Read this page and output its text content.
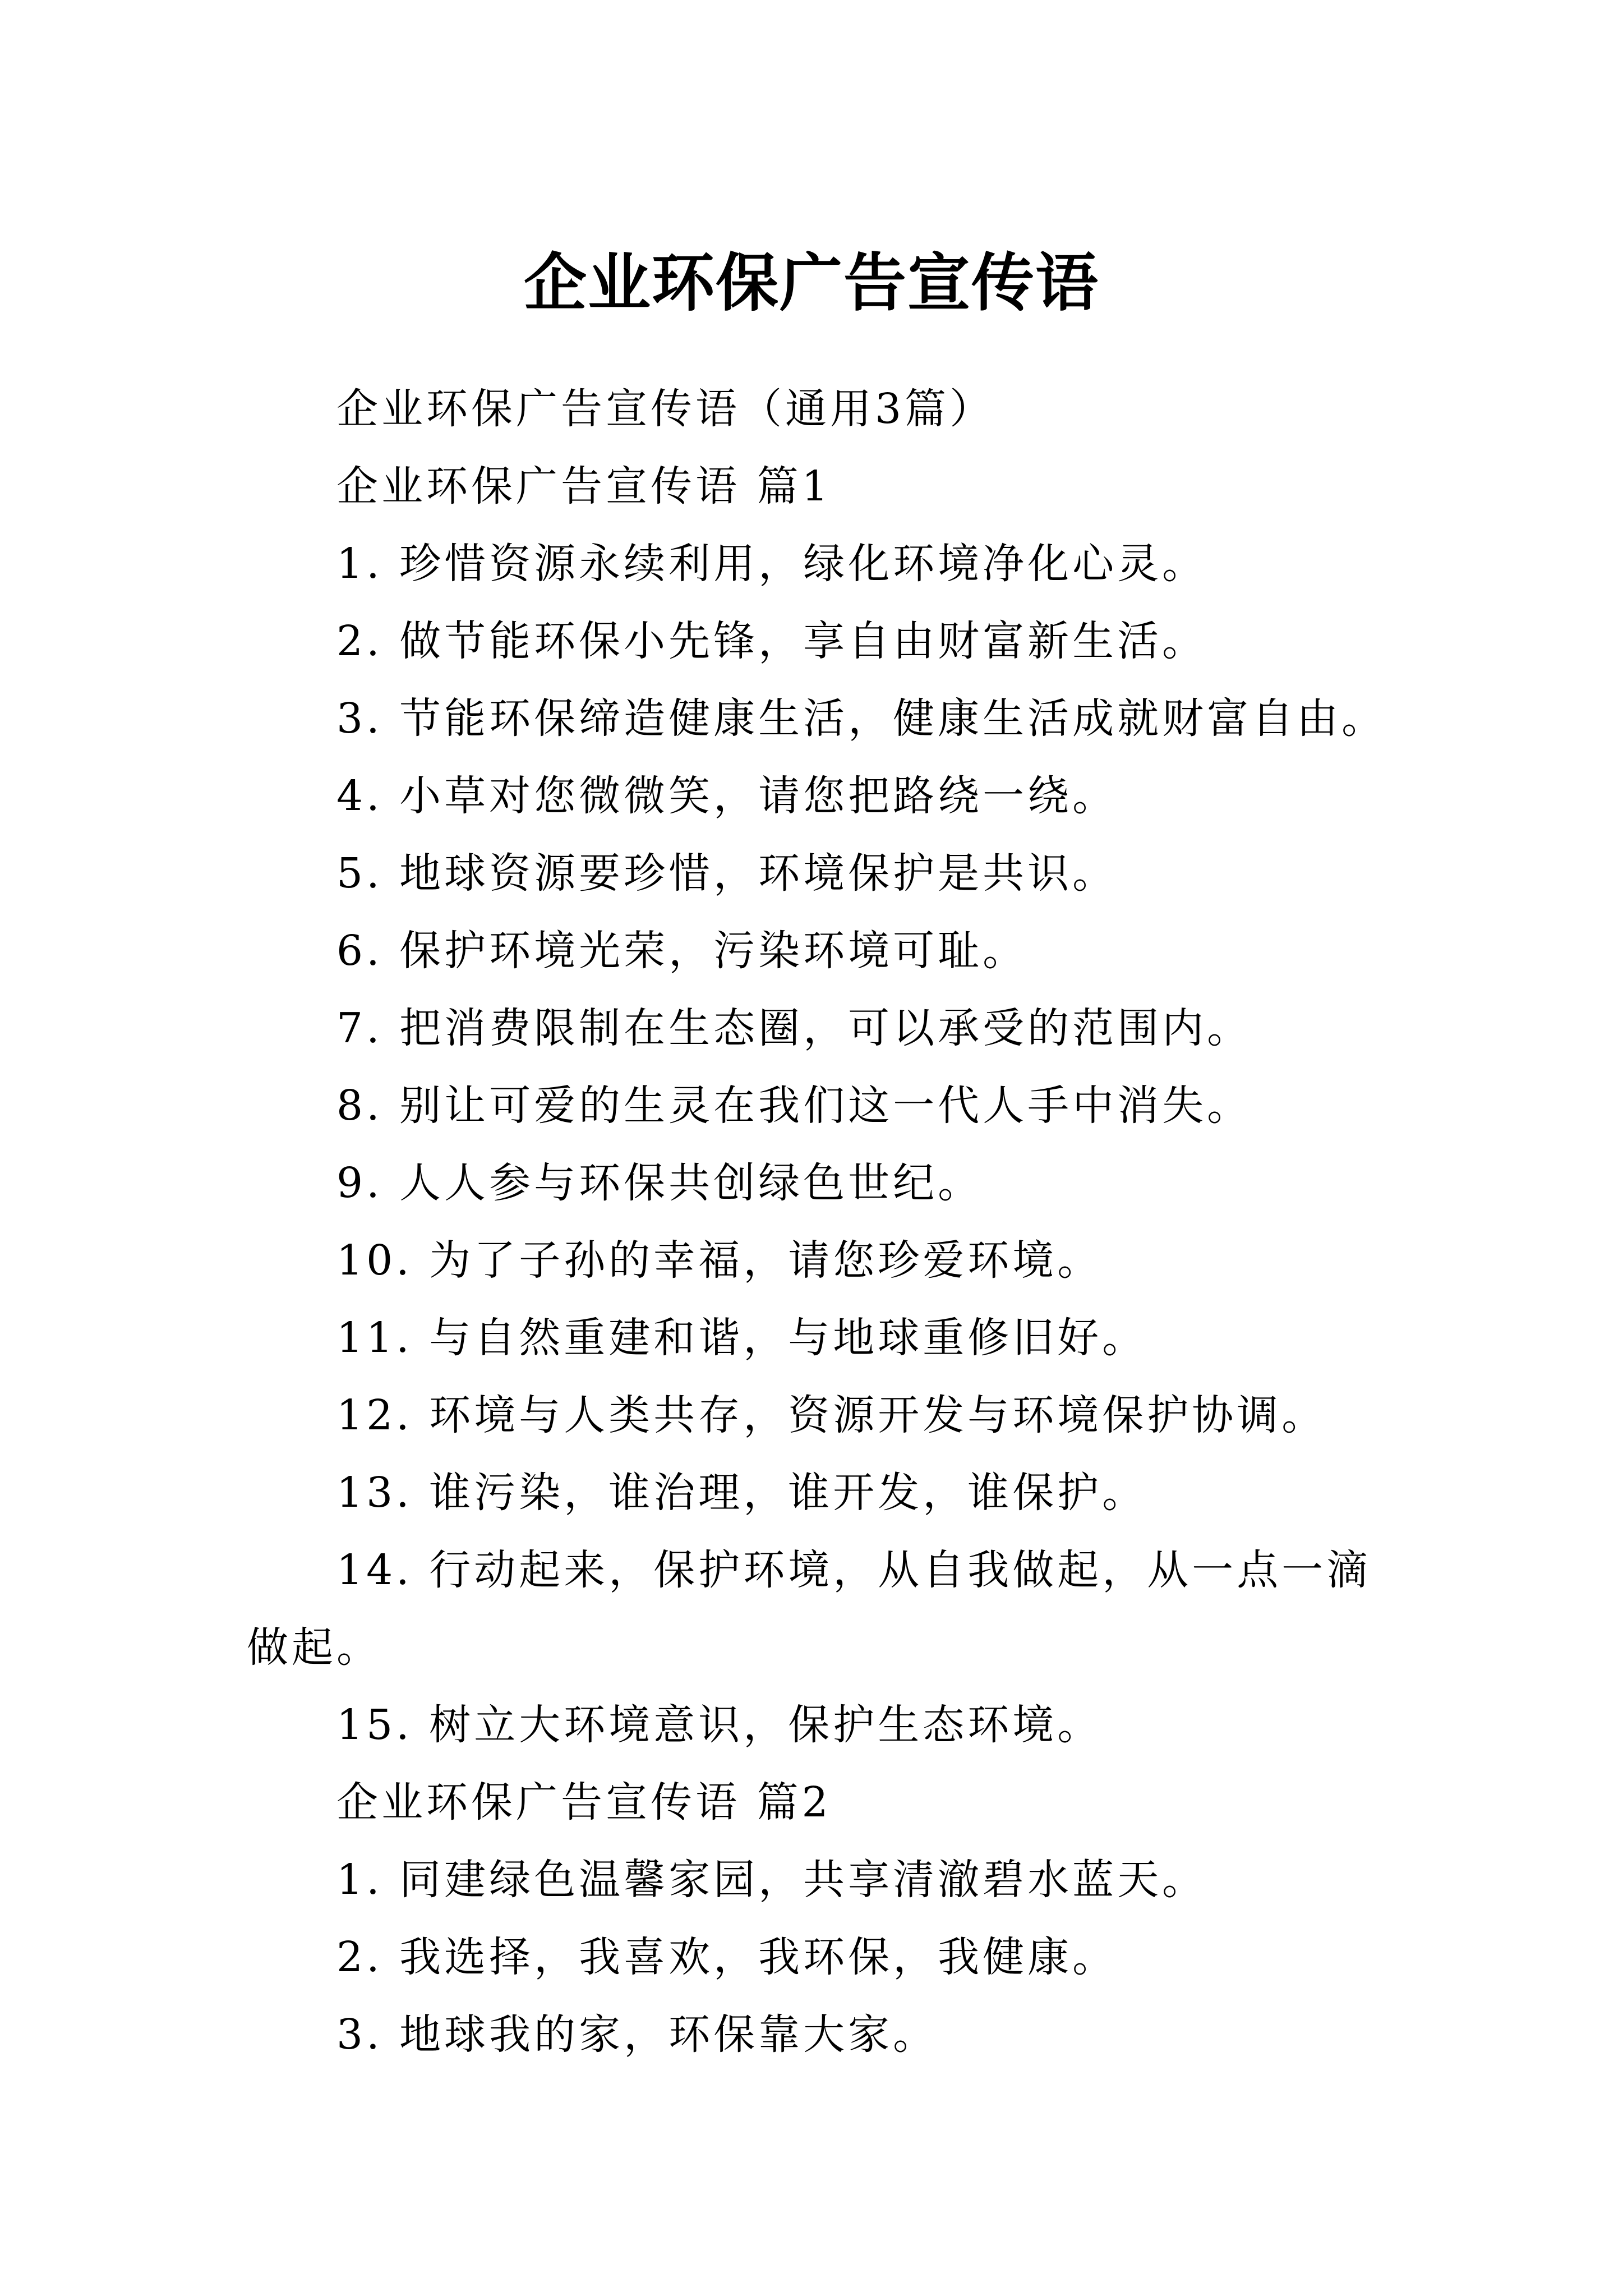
企业环保广告宣传语

企业环保广告宣传语（通用3篇）

企业环保广告宣传语 篇1

1. 珍惜资源永续利用，绿化环境净化心灵。

2. 做节能环保小先锋，享自由财富新生活。

3. 节能环保缔造健康生活，健康生活成就财富自由。

4. 小草对您微微笑，请您把路绕一绕。

5. 地球资源要珍惜，环境保护是共识。

6. 保护环境光荣，污染环境可耻。

7. 把消费限制在生态圈，可以承受的范围内。

8. 别让可爱的生灵在我们这一代人手中消失。

9. 人人参与环保共创绿色世纪。

10. 为了子孙的幸福，请您珍爱环境。

11. 与自然重建和谐，与地球重修旧好。

12. 环境与人类共存，资源开发与环境保护协调。

13. 谁污染，谁治理，谁开发，谁保护。

14. 行动起来，保护环境，从自我做起，从一点一滴做起。

15. 树立大环境意识，保护生态环境。

企业环保广告宣传语 篇2

1. 同建绿色温馨家园，共享清澈碧水蓝天。

2. 我选择，我喜欢，我环保，我健康。

3. 地球我的家，环保靠大家。
